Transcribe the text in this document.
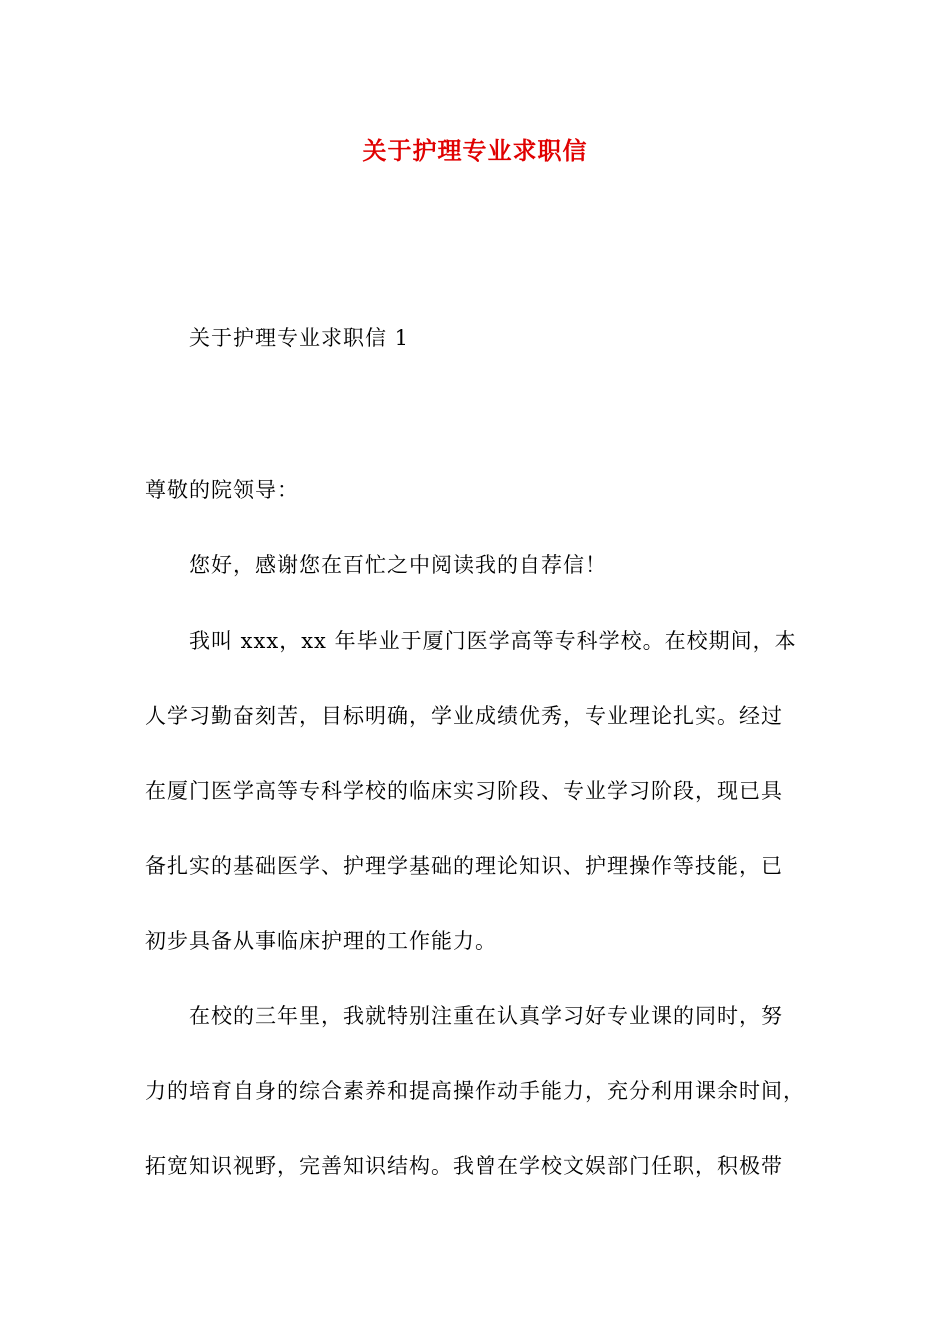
关于护理专业求职信
关于护理专业求职信 1
尊敬的院领导：
您好，感谢您在百忙之中阅读我的自荐信！
我叫 xxx，xx 年毕业于厦门医学高等专科学校。在校期间，本
人学习勤奋刻苦，目标明确，学业成绩优秀，专业理论扎实。经过
在厦门医学高等专科学校的临床实习阶段、专业学习阶段，现已具
备扎实的基础医学、护理学基础的理论知识、护理操作等技能，已
初步具备从事临床护理的工作能力。
在校的三年里，我就特别注重在认真学习好专业课的同时，努
力的培育自身的综合素养和提高操作动手能力，充分利用课余时间，
拓宽知识视野，完善知识结构。我曾在学校文娱部门任职，积极带
